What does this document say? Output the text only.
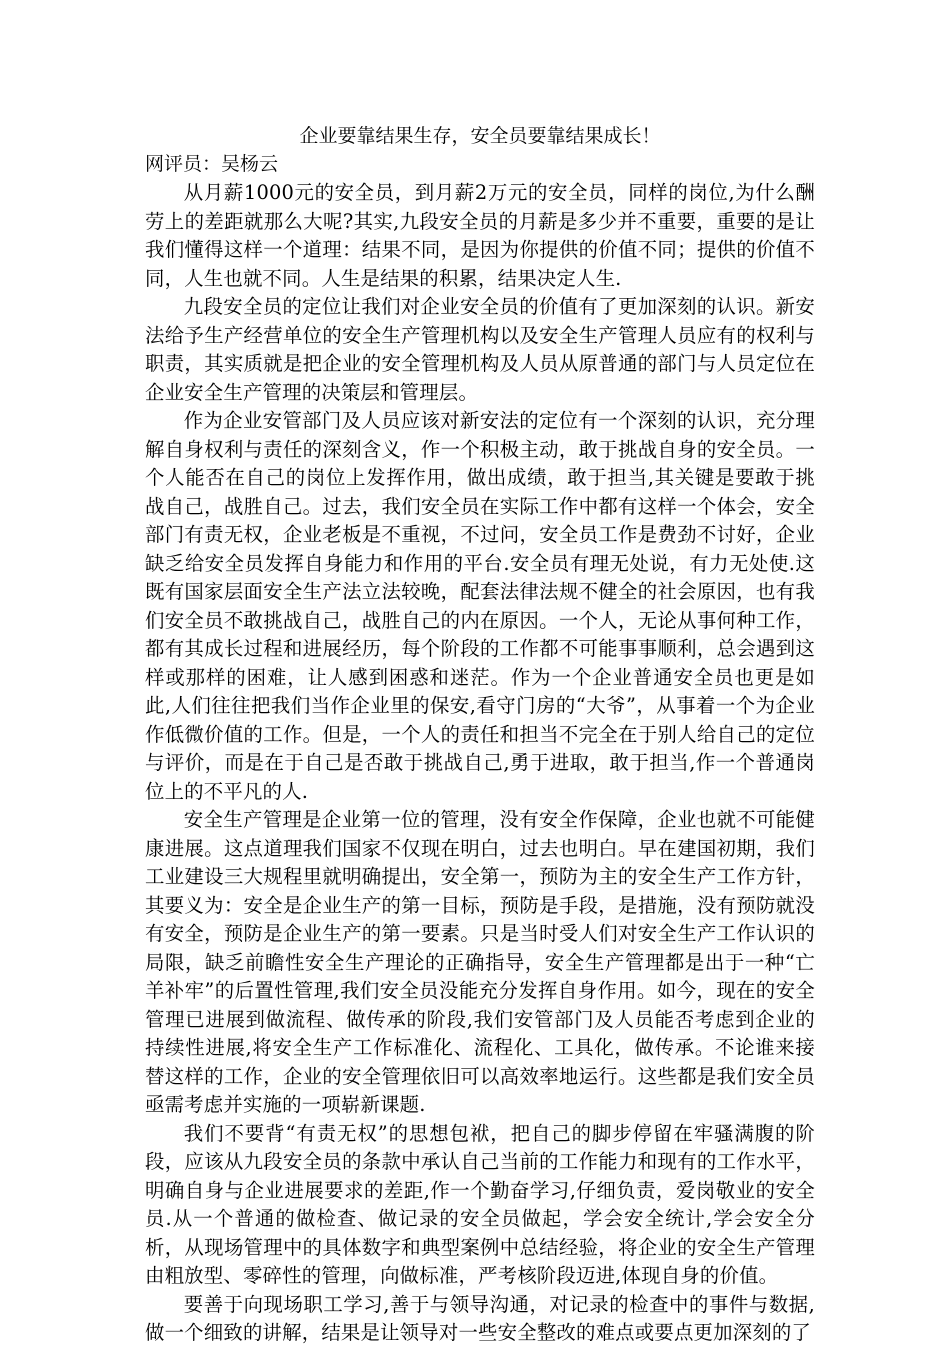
企业要靠结果生存，安全员要靠结果成长！

网评员：吴杨云

从月薪1000元的安全员，到月薪2万元的安全员，同样的岗位,为什么酬劳上的差距就那么大呢?其实,九段安全员的月薪是多少并不重要，重要的是让我们懂得这样一个道理：结果不同，是因为你提供的价值不同；提供的价值不同，人生也就不同。人生是结果的积累，结果决定人生.

九段安全员的定位让我们对企业安全员的价值有了更加深刻的认识。新安法给予生产经营单位的安全生产管理机构以及安全生产管理人员应有的权利与职责，其实质就是把企业的安全管理机构及人员从原普通的部门与人员定位在企业安全生产管理的决策层和管理层。

作为企业安管部门及人员应该对新安法的定位有一个深刻的认识，充分理解自身权利与责任的深刻含义，作一个积极主动，敢于挑战自身的安全员。一个人能否在自己的岗位上发挥作用，做出成绩，敢于担当,其关键是要敢于挑战自己，战胜自己。过去，我们安全员在实际工作中都有这样一个体会，安全部门有责无权，企业老板是不重视，不过问，安全员工作是费劲不讨好，企业缺乏给安全员发挥自身能力和作用的平台.安全员有理无处说，有力无处使.这既有国家层面安全生产法立法较晚，配套法律法规不健全的社会原因，也有我们安全员不敢挑战自己，战胜自己的内在原因。一个人，无论从事何种工作，都有其成长过程和进展经历，每个阶段的工作都不可能事事顺利，总会遇到这样或那样的困难，让人感到困惑和迷茫。作为一个企业普通安全员也更是如此,人们往往把我们当作企业里的保安,看守门房的“大爷”，从事着一个为企业作低微价值的工作。但是，一个人的责任和担当不完全在于别人给自己的定位与评价，而是在于自己是否敢于挑战自己,勇于进取，敢于担当,作一个普通岗位上的不平凡的人.

安全生产管理是企业第一位的管理，没有安全作保障，企业也就不可能健康进展。这点道理我们国家不仅现在明白，过去也明白。早在建国初期，我们工业建设三大规程里就明确提出，安全第一，预防为主的安全生产工作方针，其要义为：安全是企业生产的第一目标，预防是手段，是措施，没有预防就没有安全，预防是企业生产的第一要素。只是当时受人们对安全生产工作认识的局限，缺乏前瞻性安全生产理论的正确指导，安全生产管理都是出于一种“亡羊补牢”的后置性管理,我们安全员没能充分发挥自身作用。如今，现在的安全管理已进展到做流程、做传承的阶段,我们安管部门及人员能否考虑到企业的持续性进展,将安全生产工作标准化、流程化、工具化，做传承。不论谁来接替这样的工作，企业的安全管理依旧可以高效率地运行。这些都是我们安全员亟需考虑并实施的一项崭新课题.

我们不要背“有责无权”的思想包袱，把自己的脚步停留在牢骚满腹的阶段，应该从九段安全员的条款中承认自己当前的工作能力和现有的工作水平，明确自身与企业进展要求的差距,作一个勤奋学习,仔细负责，爱岗敬业的安全员.从一个普通的做检查、做记录的安全员做起，学会安全统计,学会安全分析，从现场管理中的具体数字和典型案例中总结经验，将企业的安全生产管理由粗放型、零碎性的管理，向做标准，严考核阶段迈进,体现自身的价值。

要善于向现场职工学习,善于与领导沟通，对记录的检查中的事件与数据,做一个细致的讲解，结果是让领导对一些安全整改的难点或要点更加深刻的了
